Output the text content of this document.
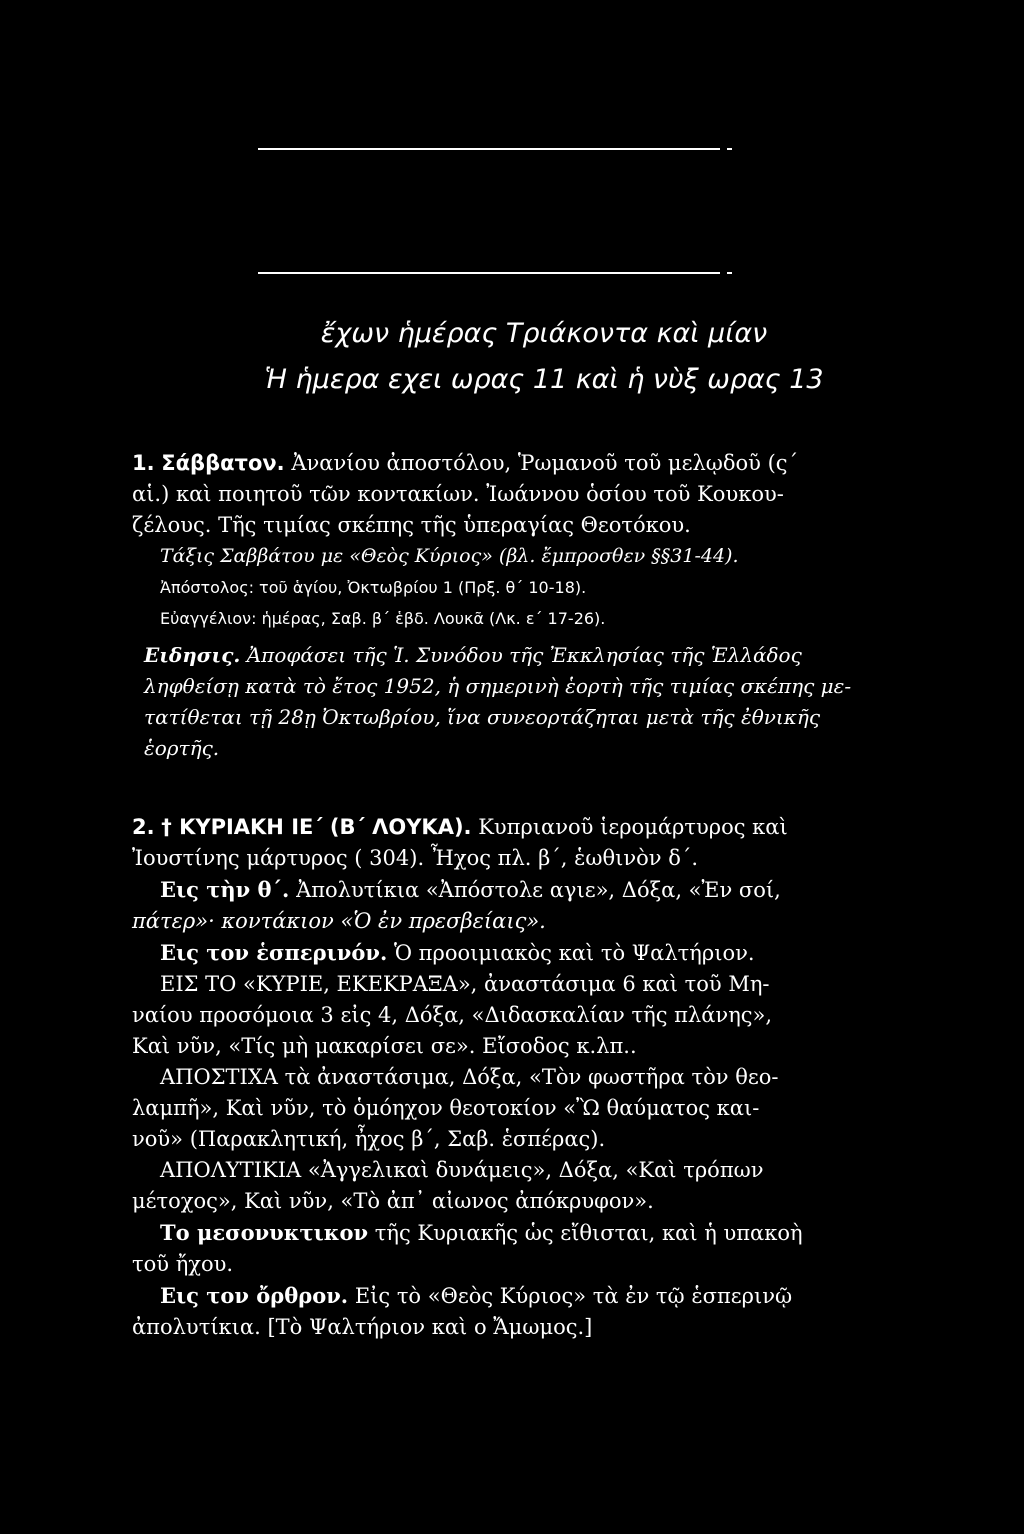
ἔχων ἡμέρας Τριάκοντα καὶ μίαν
Ἡ ἡμερα εχει ωρας 11 καὶ ἡ νὺξ ωρας 13

1. Σάββατον. Ἀνανίου ἀποστόλου, Ῥωμανοῦ τοῦ μελῳδοῦ (ς΄

αἱ.) καὶ ποιητοῦ τῶν κοντακίων. Ἰωάννου ὁσίου τοῦ Κουκου-

ζέλους. Τῆς τιμίας σκέπης τῆς ὑπεραγίας Θεοτόκου.

Τάξις Σαββάτου με «Θεὸς Κύριος» (βλ. ἔμπροσθεν §§31-44).

Ἀπόστολος: τοῦ ἁγίου, Ὀκτωβρίου 1 (Πρξ. θ΄ 10-18).

Εὐαγγέλιον: ἡμέρας, Σαβ. β΄ ἑβδ. Λουκᾶ (Λκ. ε΄ 17-26).

Ειδησις. Ἀποφάσει τῆς Ἱ. Συνόδου τῆς Ἐκκλησίας τῆς Ἑλλάδος

ληφθείσῃ κατὰ τὸ ἔτος 1952, ἡ σημερινὴ ἑορτὴ τῆς τιμίας σκέπης με-

τατίθεται τῇ 28ῃ Ὀκτωβρίου, ἵνα συνεορτάζηται μετὰ τῆς ἐθνικῆς

ἑορτῆς.

2. † ΚΥΡΙΑΚΗ ΙΕ΄ (Β΄ ΛΟΥΚΑ). Κυπριανοῦ ἱερομάρτυρος καὶ

Ἰουστίνης μάρτυρος ( 304). Ἦχος πλ. β΄, ἑωθινὸν δ΄.

Εις τὴν θ΄. Ἀπολυτίκια «Ἀπόστολε αγιε», Δόξα, «Ἐν σοί,

πάτερ»· κοντάκιον «Ὁ ἐν πρεσβείαις».

Εις τον ἑσπερινόν. Ὁ προοιμιακὸς καὶ τὸ Ψαλτήριον.

ΕΙΣ ΤΟ «ΚΥΡΙΕ, ΕΚΕΚΡΑΞΑ», ἀναστάσιμα 6 καὶ τοῦ Μη-

ναίου προσόμοια 3 εἰς 4, Δόξα, «Διδασκαλίαν τῆς πλάνης»,

Καὶ νῦν, «Τίς μὴ μακαρίσει σε». Εἴσοδος κ.λπ..

ΑΠΟΣΤΙΧΑ τὰ ἀναστάσιμα, Δόξα, «Τὸν φωστῆρα τὸν θεο-

λαμπῆ», Καὶ νῦν, τὸ ὁμόηχον θεοτοκίον «Ὢ θαύματος και-

νοῦ» (Παρακλητική, ἦχος β΄, Σαβ. ἑσπέρας).

ΑΠΟΛΥΤΙΚΙΑ «Ἀγγελικαὶ δυνάμεις», Δόξα, «Καὶ τρόπων

μέτοχος», Καὶ νῦν, «Τὸ ἀπ᾽ αἰωνος ἀπόκρυφον».

Το μεσονυκτικον τῆς Κυριακῆς ὡς εἴθισται, καὶ ἡ υπακοὴ

τοῦ ἤχου.

Εις τον ὄρθρον. Εἰς τὸ «Θεὸς Κύριος» τὰ ἐν τῷ ἑσπερινῷ

ἀπολυτίκια. [Τὸ Ψαλτήριον καὶ ο Ἄμωμος.]
